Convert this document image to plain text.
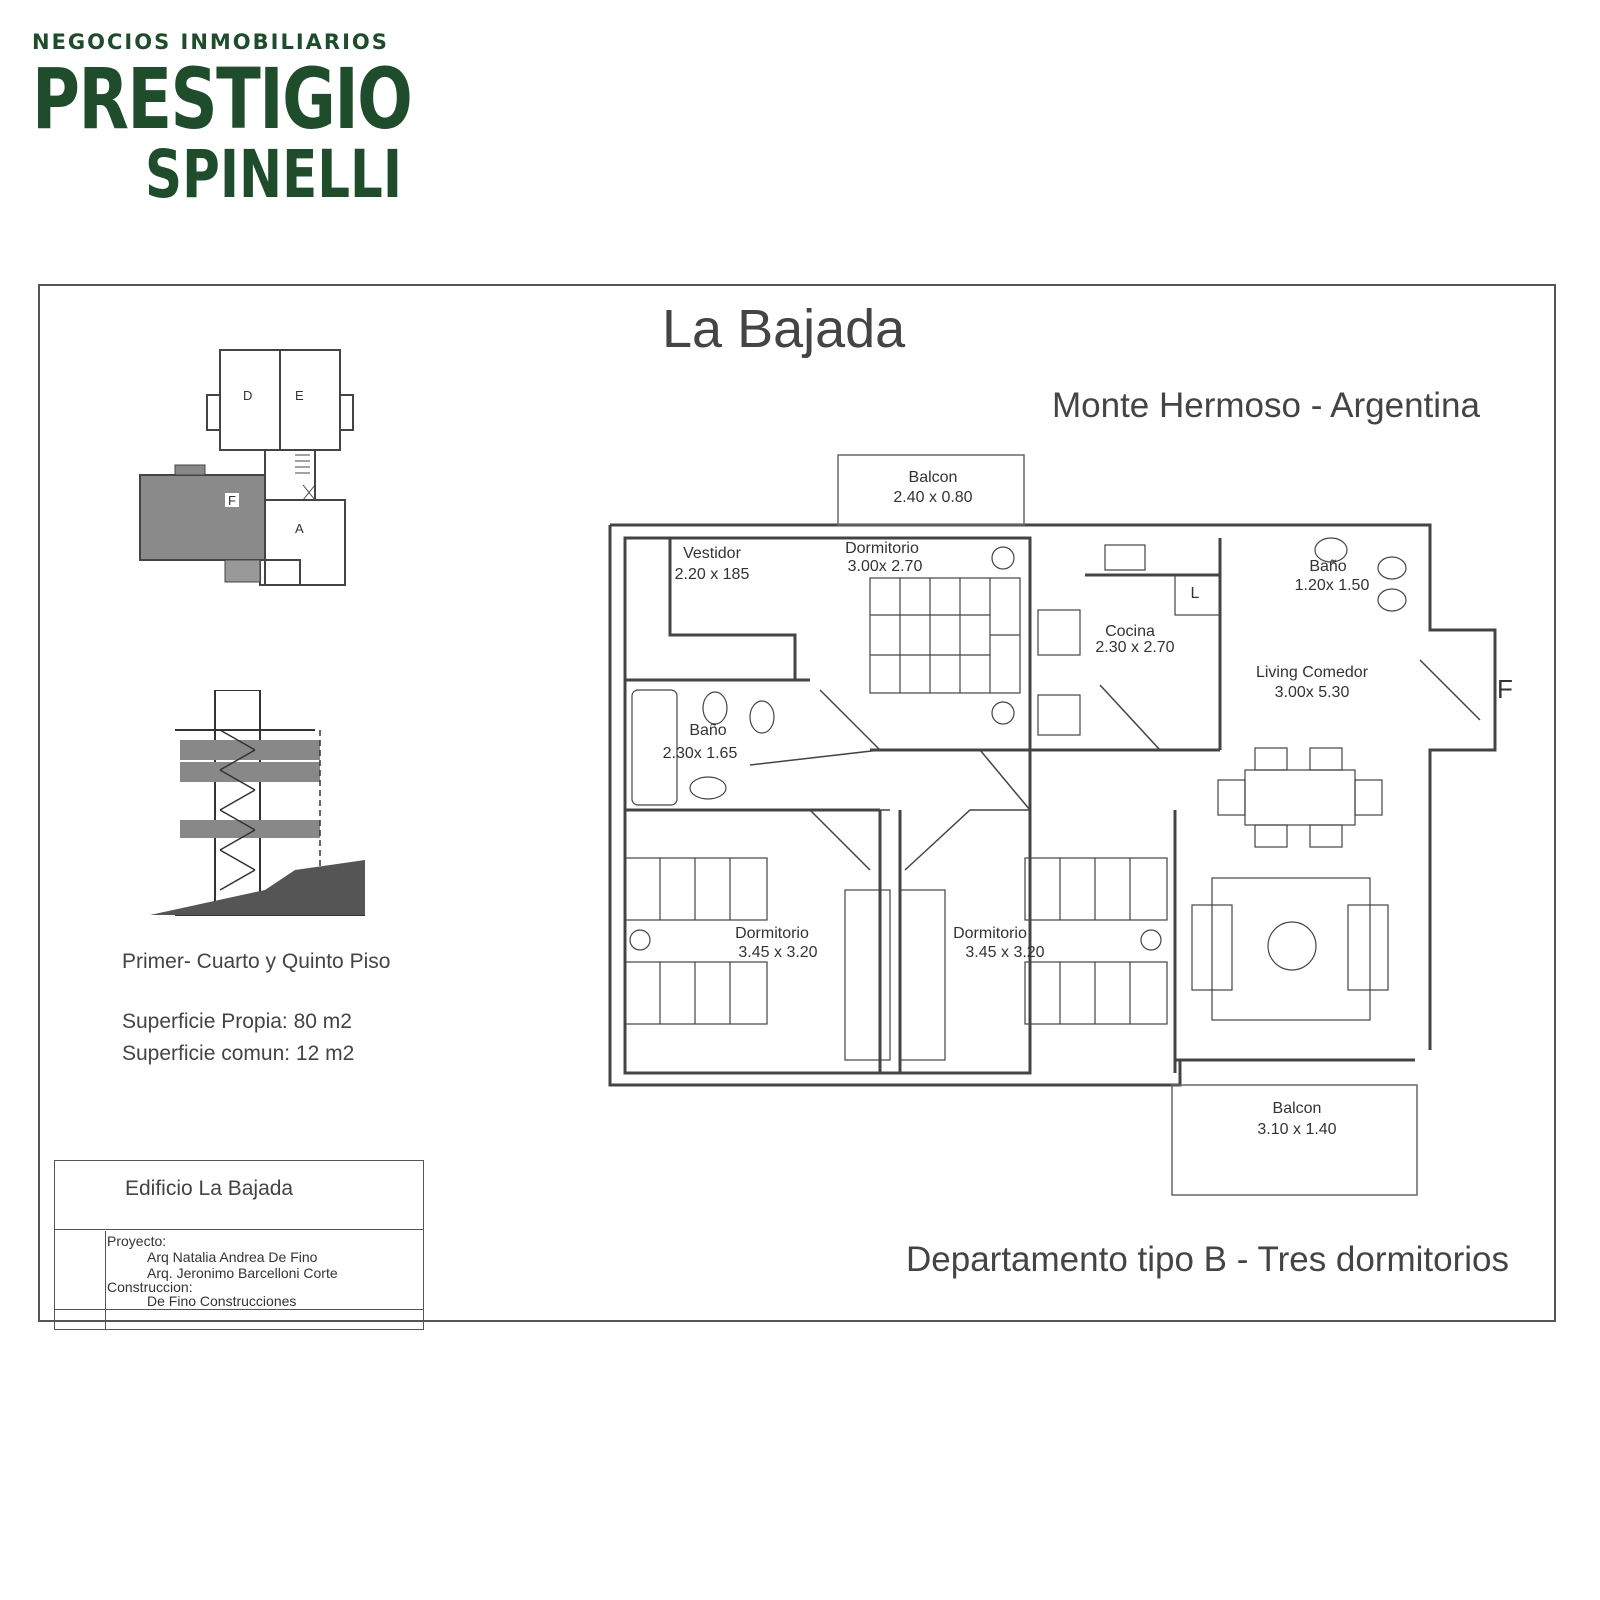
NEGOCIOS INMOBILIARIOS
PRESTIGIO
SPINELLI
La Bajada
Monte Hermoso - Argentina
Departamento tipo B - Tres dormitorios
Primer- Cuarto y Quinto Piso
Superficie Propia: 80 m2
Superficie comun: 12 m2
Edificio La Bajada
Proyecto:
Arq Natalia Andrea De Fino
Arq. Jeronimo Barcelloni Corte
Construccion:
De Fino Construcciones
D	E
F
A
Balcon
2.40 x 0.80
Vestidor
2.20 x 185
Dormitorio
3.00x 2.70
Cocina
2.30 x 2.70
L
Baño
1.20x 1.50
Living Comedor
3.00x 5.30
Baño
2.30x 1.65
Dormitorio
3.45 x 3.20
Dormitorio
3.45 x 3.20
Balcon
3.10 x 1.40
F
